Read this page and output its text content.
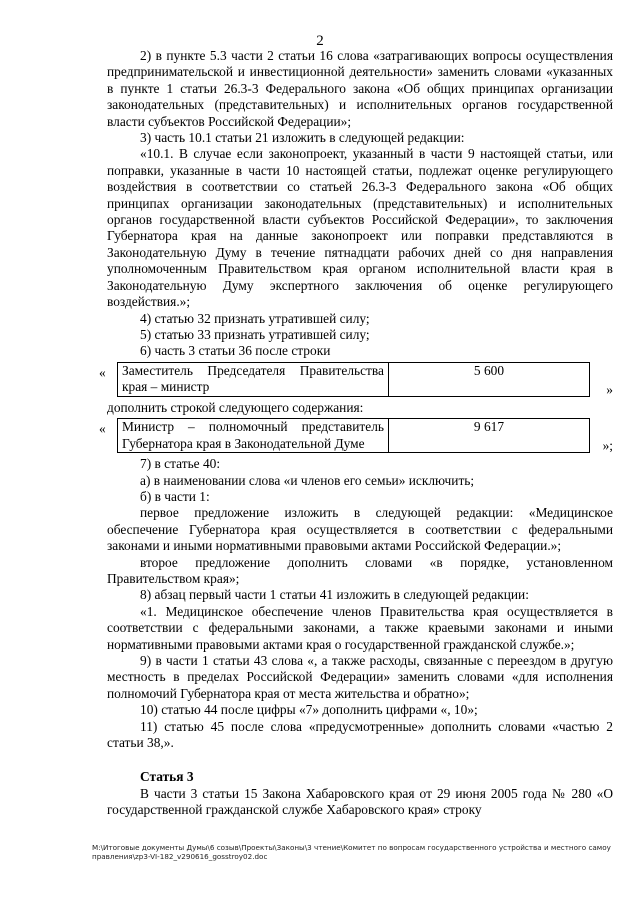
2

2) в пункте 5.3 части 2 статьи 16 слова «затрагивающих вопросы осуществления предпринимательской и инвестиционной деятельности» заменить словами «указанных в пункте 1 статьи 26.3-3 Федерального закона «Об общих принципах организации законодательных (представительных) и исполнительных органов государственной власти субъектов Российской Федерации»;

3) часть 10.1 статьи 21 изложить в следующей редакции:

«10.1. В случае если законопроект, указанный в части 9 настоящей статьи, или поправки, указанные в части 10 настоящей статьи, подлежат оценке регулирующего воздействия в соответствии со статьей 26.3-3 Федерального закона «Об общих принципах организации законодательных (представительных) и исполнительных органов государственной власти субъектов Российской Федерации», то заключения Губернатора края на данные законопроект или поправки представляются в Законодательную Думу в течение пятнадцати рабочих дней со дня направления уполномоченным Правительством края органом исполнительной власти края в Законодательную Думу экспертного заключения об оценке регулирующего воздействия.»;

4) статью 32 признать утратившей силу;

5) статью 33 признать утратившей силу;

6) часть 3 статьи 36 после строки

« Заместитель Председателя Правительства края – министр	5 600
»

дополнить строкой следующего содержания:

« Министр – полномочный представитель Губернатора края в Законодательной Думе	9 617
»;

7) в статье 40:

а) в наименовании слова «и членов его семьи» исключить;

б) в части 1:

первое предложение изложить в следующей редакции: «Медицинское обеспечение Губернатора края осуществляется в соответствии с федеральными законами и иными нормативными правовыми актами Российской Федерации.»;

второе предложение дополнить словами «в порядке, установленном Правительством края»;

8) абзац первый части 1 статьи 41 изложить в следующей редакции:

«1. Медицинское обеспечение членов Правительства края осуществляется в соответствии с федеральными законами, а также краевыми законами и иными нормативными правовыми актами края о государственной гражданской службе.»;

9) в части 1 статьи 43 слова «, а также расходы, связанные с переездом в другую местность в пределах Российской Федерации» заменить словами «для исполнения полномочий Губернатора края от места жительства и обратно»;

10) статью 44 после цифры «7» дополнить цифрами «, 10»;

11) статью 45 после слова «предусмотренные» дополнить словами «частью 2 статьи 38,».

Статья 3

В части 3 статьи 15 Закона Хабаровского края от 29 июня 2005 года № 280 «О государственной гражданской службе Хабаровского края» строку

M:\Итоговые документы Думы\6 созыв\Проекты\Законы\3 чтение\Комитет по вопросам государственного устройства и местного самоуправления\zp3-VI-182_v290616_gosstroy02.doc
